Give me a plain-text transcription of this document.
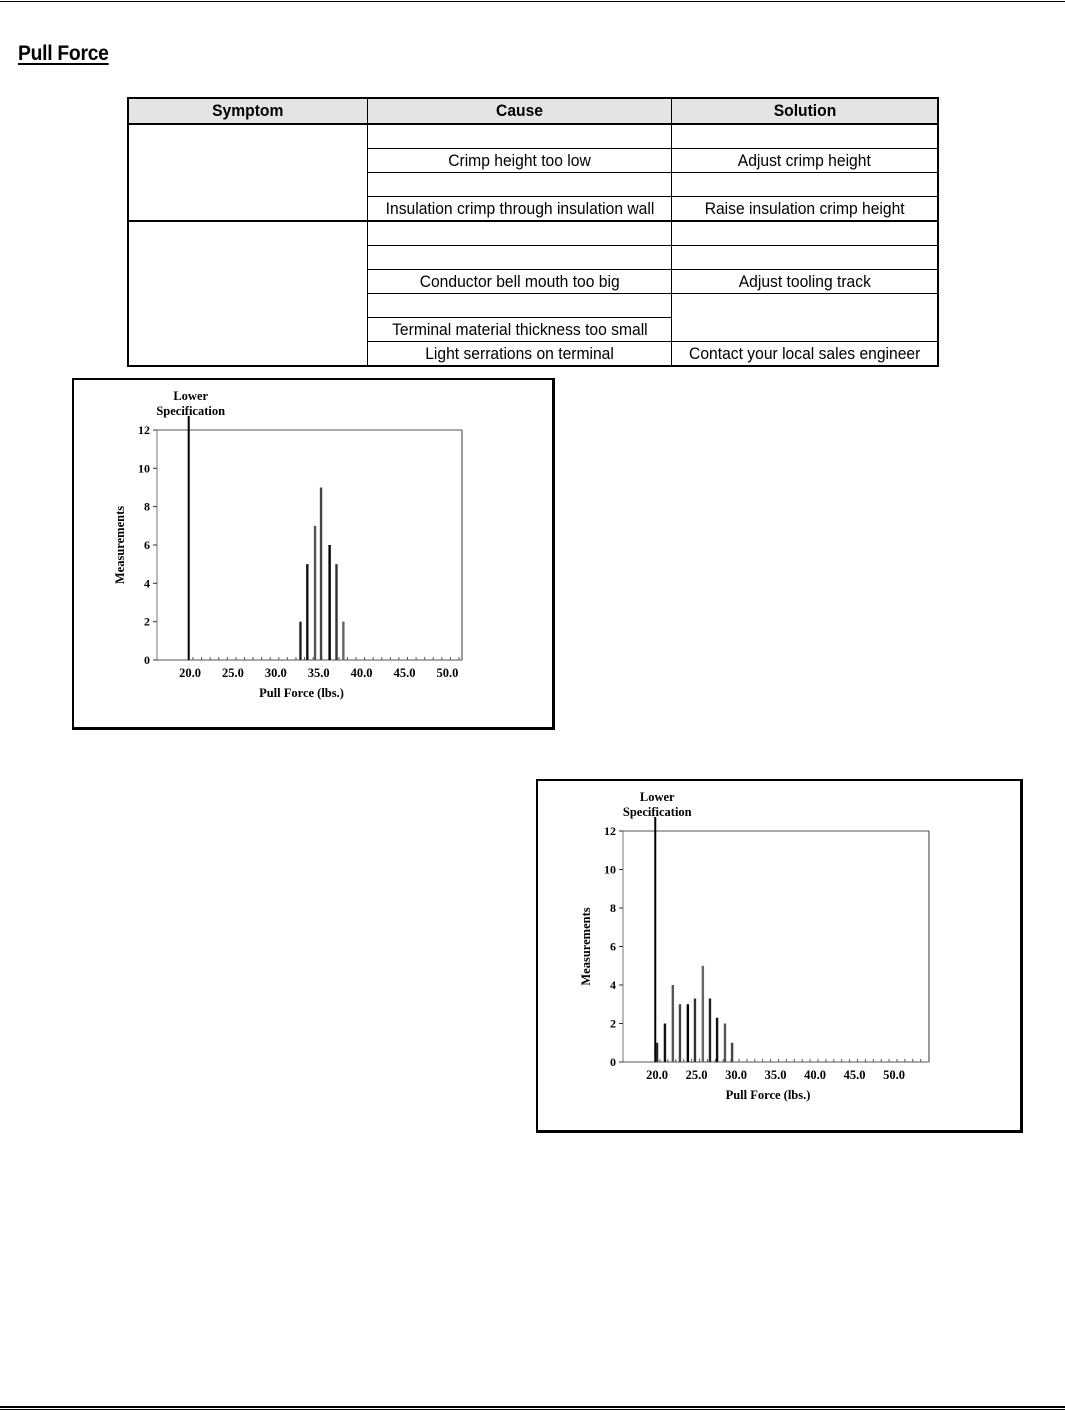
Pull Force
Symptom	Cause	Solution

	Crimp height too low	Adjust crimp height

	Insulation crimp through insulation wall	Raise insulation crimp height

	Conductor bell mouth too big	Adjust tooling track

	Terminal material thickness too small	
	Light serrations on terminal	Contact your local sales engineer
0
2
4
6
8
10
12
20.0 25.0 30.0 35.0 40.0 45.0 50.0
Pull Force (lbs.)
Measurements
Lower
Specification
0
2
4
6
8
10
12
20.0 25.0 30.0 35.0 40.0 45.0 50.0
Pull Force (lbs.)
Measurements
Lower
Specification
